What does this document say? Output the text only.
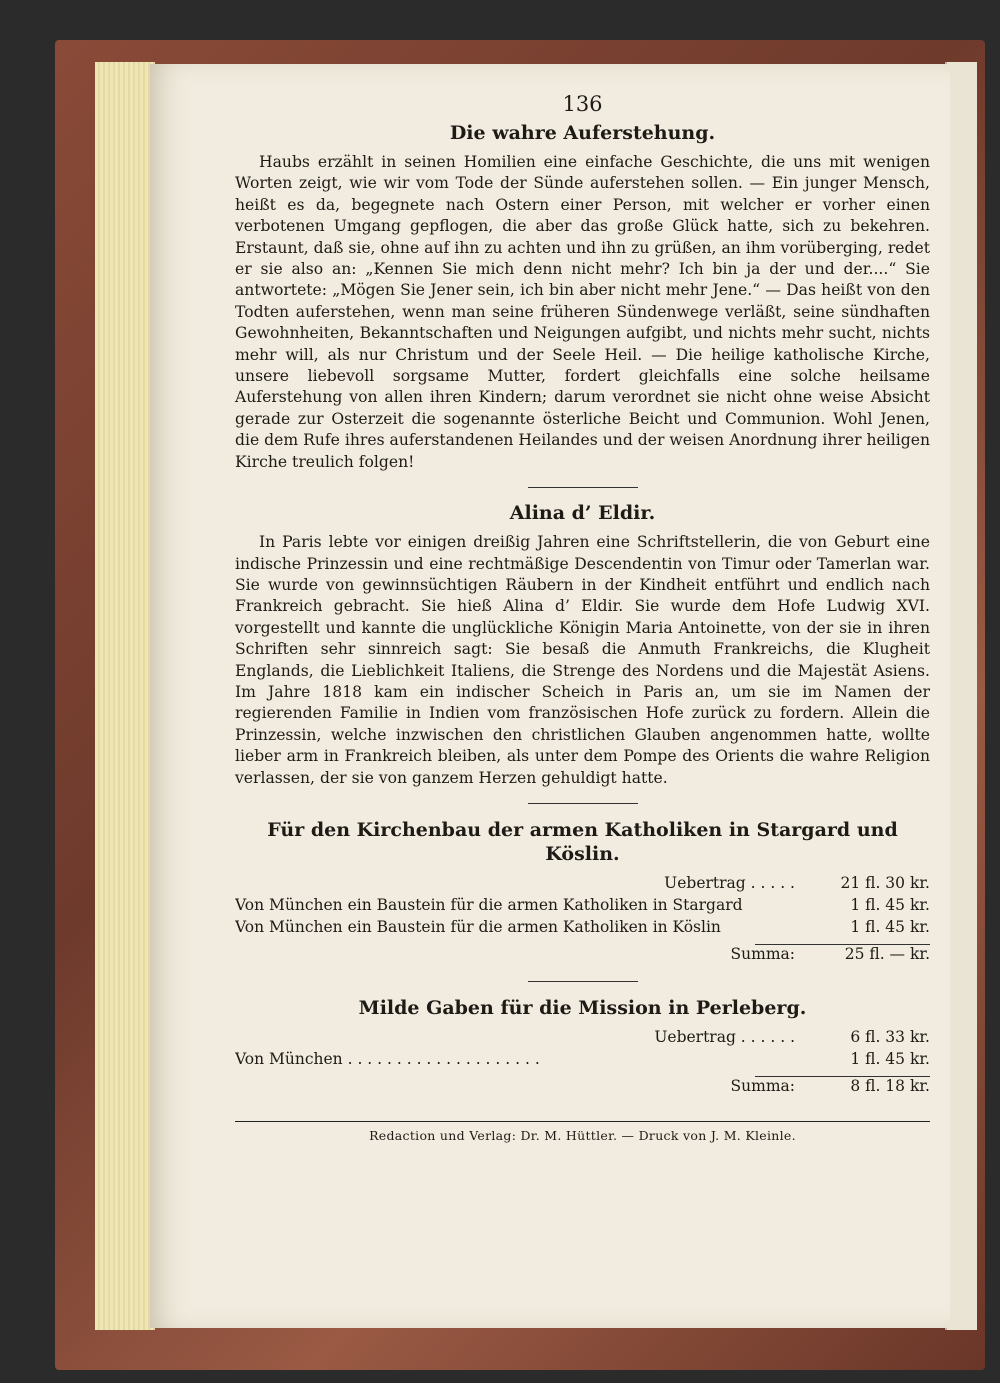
136
Die wahre Auferstehung.

Haubs erzählt in seinen Homilien eine einfache Geschichte, die uns mit wenigen Worten zeigt, wie wir vom Tode der Sünde auferstehen sollen. — Ein junger Mensch, heißt es da, begegnete nach Ostern einer Person, mit welcher er vorher einen verbotenen Umgang gepflogen, die aber das große Glück hatte, sich zu bekehren. Erstaunt, daß sie, ohne auf ihn zu achten und ihn zu grüßen, an ihm vorüberging, redet er sie also an: „Kennen Sie mich denn nicht mehr? Ich bin ja der und der....“ Sie antwortete: „Mögen Sie Jener sein, ich bin aber nicht mehr Jene.“ — Das heißt von den Todten auferstehen, wenn man seine früheren Sündenwege verläßt, seine sündhaften Gewohnheiten, Bekanntschaften und Neigungen aufgibt, und nichts mehr sucht, nichts mehr will, als nur Christum und der Seele Heil. — Die heilige katholische Kirche, unsere liebevoll sorgsame Mutter, fordert gleichfalls eine solche heilsame Auferstehung von allen ihren Kindern; darum verordnet sie nicht ohne weise Absicht gerade zur Osterzeit die sogenannte österliche Beicht und Communion. Wohl Jenen, die dem Rufe ihres auferstandenen Heilandes und der weisen Anordnung ihrer heiligen Kirche treulich folgen!

Alina d’ Eldir.

In Paris lebte vor einigen dreißig Jahren eine Schriftstellerin, die von Geburt eine indische Prinzessin und eine rechtmäßige Descendentin von Timur oder Tamerlan war. Sie wurde von gewinnsüchtigen Räubern in der Kindheit entführt und endlich nach Frankreich gebracht. Sie hieß Alina d’ Eldir. Sie wurde dem Hofe Ludwig XVI. vorgestellt und kannte die unglückliche Königin Maria Antoinette, von der sie in ihren Schriften sehr sinnreich sagt: Sie besaß die Anmuth Frankreichs, die Klugheit Englands, die Lieblichkeit Italiens, die Strenge des Nordens und die Majestät Asiens. Im Jahre 1818 kam ein indischer Scheich in Paris an, um sie im Namen der regierenden Familie in Indien vom französischen Hofe zurück zu fordern. Allein die Prinzessin, welche inzwischen den christlichen Glauben angenommen hatte, wollte lieber arm in Frankreich bleiben, als unter dem Pompe des Orients die wahre Religion verlassen, der sie von ganzem Herzen gehuldigt hatte.

Für den Kirchenbau der armen Katholiken in Stargard und Köslin.
Uebertrag . . . . .	21 fl. 30 kr.
Von München ein Baustein für die armen Katholiken in Stargard	1 fl. 45 kr.
Von München ein Baustein für die armen Katholiken in Köslin	1 fl. 45 kr.
Summa:	25 fl. — kr.
Milde Gaben für die Mission in Perleberg.
Uebertrag . . . . . .	6 fl. 33 kr.
Von München . . . . . . . . . . . . . . . . . . . .	1 fl. 45 kr.
Summa:	8 fl. 18 kr.
Redaction und Verlag: Dr. M. Hüttler. — Druck von J. M. Kleinle.
